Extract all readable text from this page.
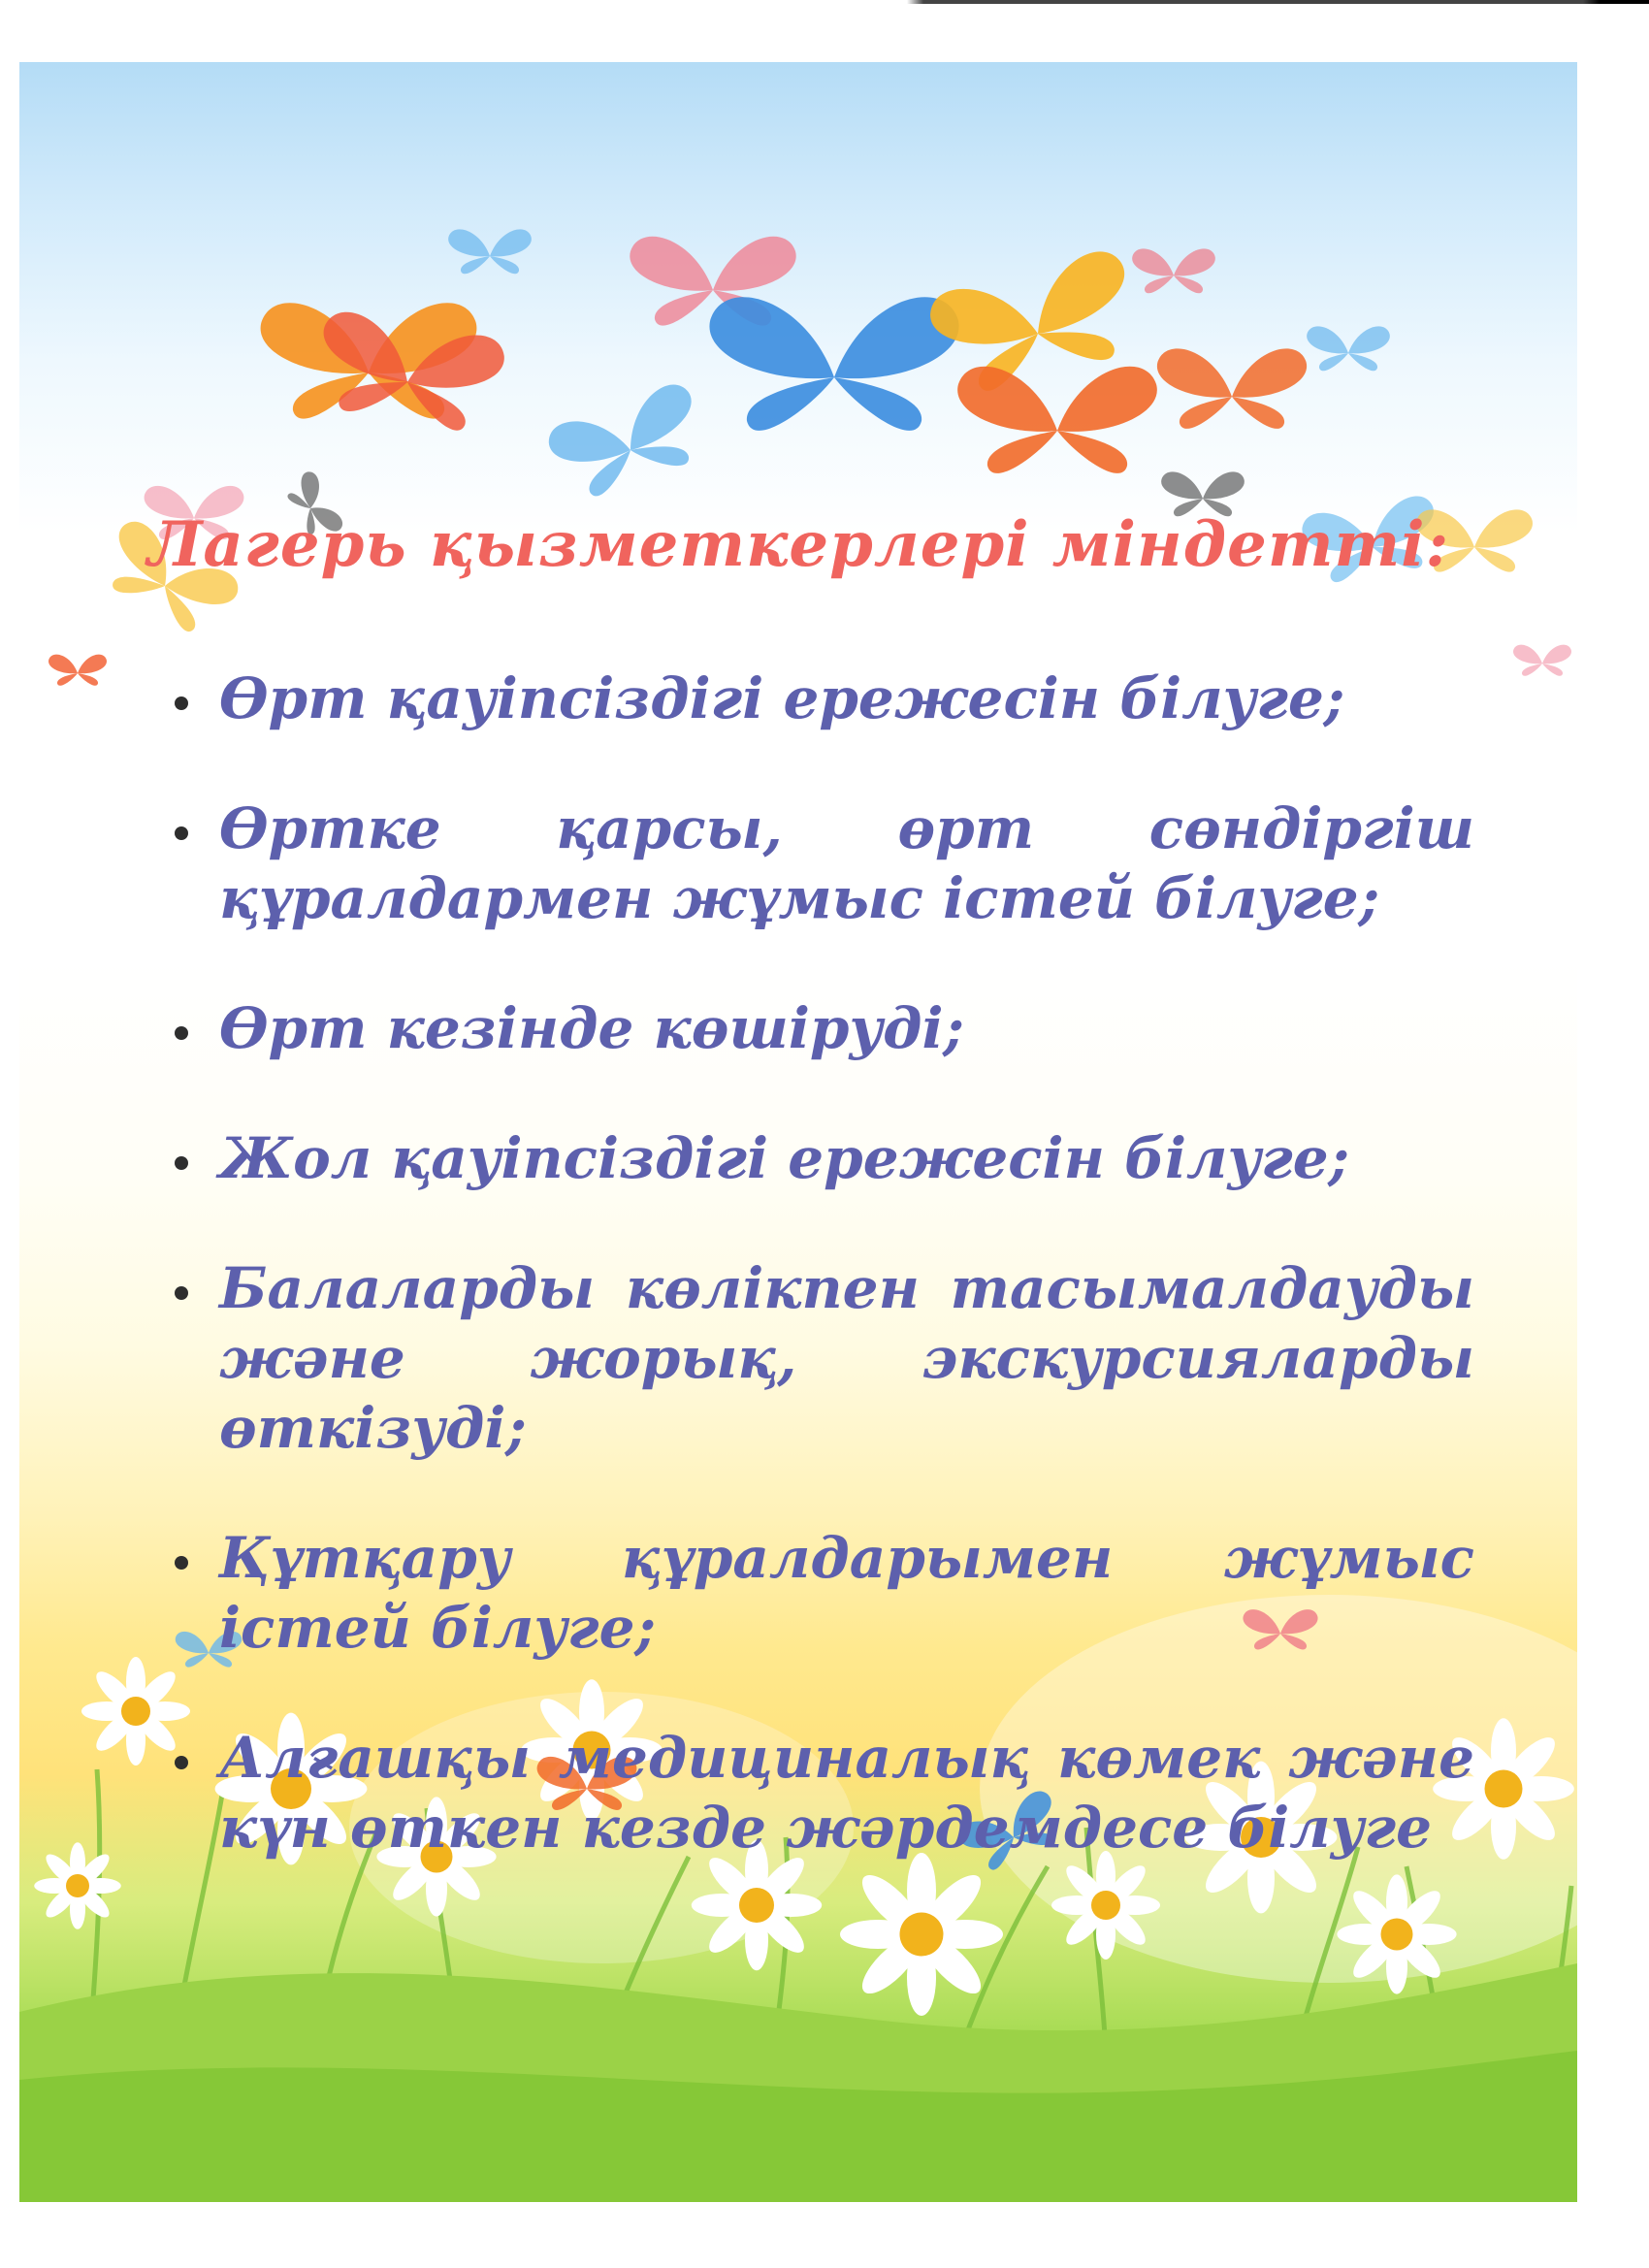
Лагерь қызметкерлері міндетті:
Өрт қауіпсіздігі ережесін білуге;
Өртке қарсы, өрт сөндіргіш құралдармен жұмыс істей білуге;
Өрт кезінде көшіруді;
Жол қауіпсіздігі ережесін білуге;
Балаларды көлікпен тасымалдауды және жорық, экскурсияларды өткізуді;
Құтқару құралдарымен жұмыс істей білуге;
Алғашқы медициналық көмек және күн өткен кезде жәрдемдесе білуге
